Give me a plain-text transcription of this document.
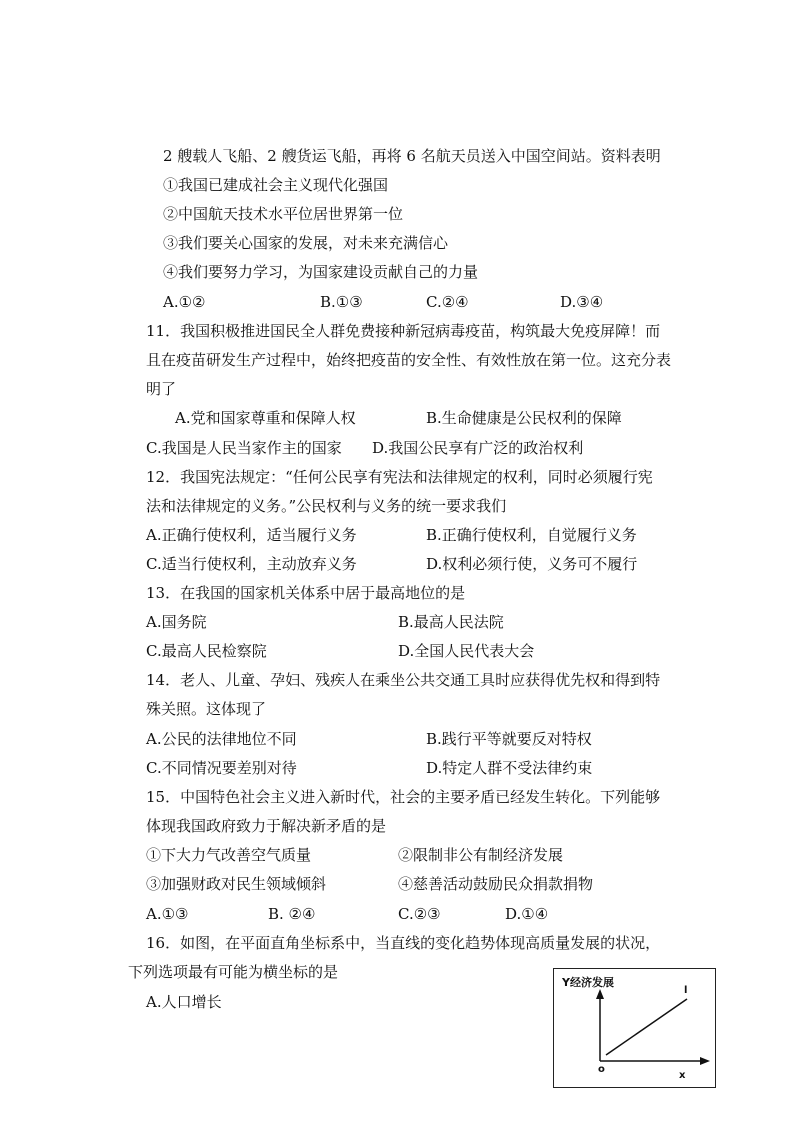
2 艘载人飞船、2 艘货运飞船，再将 6 名航天员送入中国空间站。资料表明
①我国已建成社会主义现代化强国
②中国航天技术水平位居世界第一位
③我们要关心国家的发展，对未来充满信心
④我们要努力学习，为国家建设贡献自己的力量
A.①②	B.①③	C.②④	D.③④
11．我国积极推进国民全人群免费接种新冠病毒疫苗，构筑最大免疫屏障！而
且在疫苗研发生产过程中，始终把疫苗的安全性、有效性放在第一位。这充分表
明了
A.党和国家尊重和保障人权	B.生命健康是公民权利的保障
C.我国是人民当家作主的国家 D.我国公民享有广泛的政治权利
12．我国宪法规定：“任何公民享有宪法和法律规定的权利，同时必须履行宪
法和法律规定的义务。”公民权利与义务的统一要求我们
A.正确行使权利，适当履行义务	B.正确行使权利，自觉履行义务
C.适当行使权利，主动放弃义务	D.权利必须行使，义务可不履行
13．在我国的国家机关体系中居于最高地位的是
A.国务院	B.最高人民法院
C.最高人民检察院	D.全国人民代表大会
14．老人、儿童、孕妇、残疾人在乘坐公共交通工具时应获得优先权和得到特
殊关照。这体现了
A.公民的法律地位不同	B.践行平等就要反对特权
C.不同情况要差别对待	D.特定人群不受法律约束
15．中国特色社会主义进入新时代，社会的主要矛盾已经发生转化。下列能够
体现我国政府致力于解决新矛盾的是
①下大力气改善空气质量	②限制非公有制经济发展
③加强财政对民生领域倾斜	④慈善活动鼓励民众捐款捐物
A.①③	B. ②④	C.②③	D.①④
16．如图，在平面直角坐标系中，当直线的变化趋势体现高质量发展的状况，
下列选项最有可能为横坐标的是
A.人口增长
Y经济发展
l
o
x
